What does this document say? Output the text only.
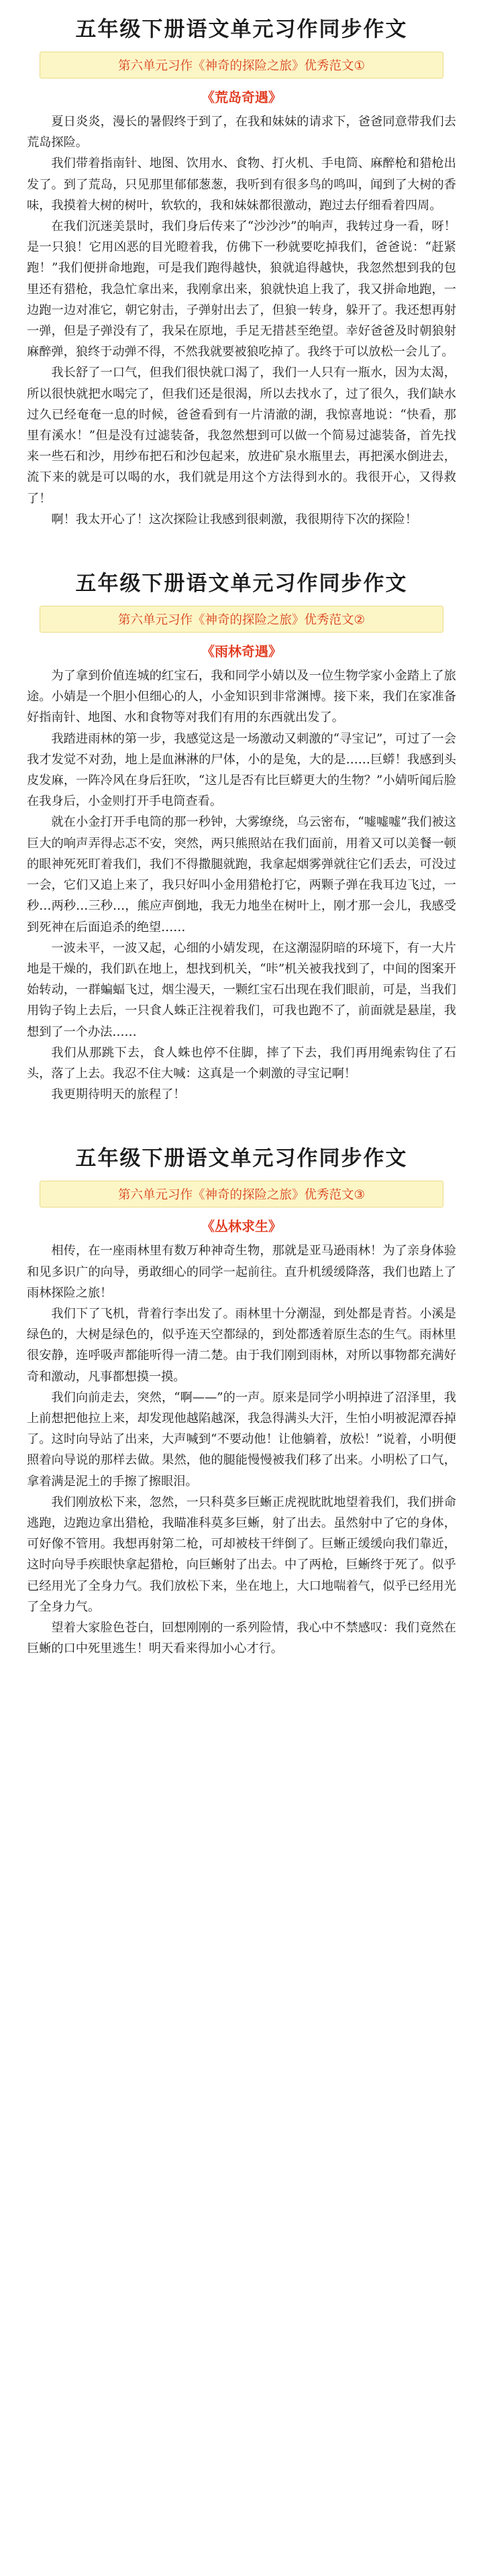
五年级下册语文单元习作同步作文
第六单元习作《神奇的探险之旅》优秀范文①
《荒岛奇遇》

夏日炎炎，漫长的暑假终于到了，在我和妹妹的请求下，爸爸同意带我们去荒岛探险。

我们带着指南针、地图、饮用水、食物、打火机、手电筒、麻醉枪和猎枪出发了。到了荒岛，只见那里郁郁葱葱，我听到有很多鸟的鸣叫，闻到了大树的香味，我摸着大树的树叶，软软的，我和妹妹都很激动，跑过去仔细看着四周。

在我们沉迷美景时，我们身后传来了“沙沙沙”的响声，我转过身一看，呀！是一只狼！它用凶恶的目光瞪着我，仿佛下一秒就要吃掉我们，爸爸说：“赶紧跑！”我们便拼命地跑，可是我们跑得越快，狼就追得越快，我忽然想到我的包里还有猎枪，我急忙拿出来，我刚拿出来，狼就快追上我了，我又拼命地跑，一边跑一边对准它，朝它射击，子弹射出去了，但狼一转身，躲开了。我还想再射一弹，但是子弹没有了，我呆在原地，手足无措甚至绝望。幸好爸爸及时朝狼射麻醉弹，狼终于动弹不得，不然我就要被狼吃掉了。我终于可以放松一会儿了。

我长舒了一口气，但我们很快就口渴了，我们一人只有一瓶水，因为太渴，所以很快就把水喝完了，但我们还是很渴，所以去找水了，过了很久，我们缺水过久已经奄奄一息的时候，爸爸看到有一片清澈的湖，我惊喜地说：“快看，那里有溪水！”但是没有过滤装备，我忽然想到可以做一个简易过滤装备，首先找来一些石和沙，用纱布把石和沙包起来，放进矿泉水瓶里去，再把溪水倒进去，流下来的就是可以喝的水，我们就是用这个方法得到水的。我很开心，又得救了！

啊！我太开心了！这次探险让我感到很刺激，我很期待下次的探险！

五年级下册语文单元习作同步作文
第六单元习作《神奇的探险之旅》优秀范文②
《雨林奇遇》

为了拿到价值连城的红宝石，我和同学小婧以及一位生物学家小金踏上了旅途。小婧是一个胆小但细心的人，小金知识到非常渊博。接下来，我们在家准备好指南针、地图、水和食物等对我们有用的东西就出发了。

我踏进雨林的第一步，我感觉这是一场激动又刺激的“寻宝记”，可过了一会我才发觉不对劲，地上是血淋淋的尸体，小的是兔，大的是……巨蟒！我感到头皮发麻，一阵冷风在身后狂吹，“这儿是否有比巨蟒更大的生物？”小婧听闻后脸在我身后，小金则打开手电筒查看。

就在小金打开手电筒的那一秒钟，大雾缭绕，乌云密布，“嘘嘘嘘”我们被这巨大的响声弄得忐忑不安，突然，两只熊照站在我们面前，用着又可以美餐一顿的眼神死死盯着我们，我们不得撒腿就跑，我拿起烟雾弹就往它们丢去，可没过一会，它们又追上来了，我只好叫小金用猎枪打它，两颗子弹在我耳边飞过，一秒…两秒…三秒…，熊应声倒地，我无力地坐在树叶上，刚才那一会儿，我感受到死神在后面追杀的绝望……

一波未平，一波又起，心细的小婧发现，在这潮湿阴暗的环境下，有一大片地是干燥的，我们趴在地上，想找到机关，“咔”机关被我找到了，中间的图案开始转动，一群蝙蝠飞过，烟尘漫天，一颗红宝石出现在我们眼前，可是，当我们用钩子钩上去后，一只食人蛛正注视着我们，可我也跑不了，前面就是悬崖，我想到了一个办法……

我们从那跳下去，食人蛛也停不住脚，摔了下去，我们再用绳索钩住了石头，落了上去。我忍不住大喊：这真是一个刺激的寻宝记啊！

我更期待明天的旅程了！

五年级下册语文单元习作同步作文
第六单元习作《神奇的探险之旅》优秀范文③
《丛林求生》

相传，在一座雨林里有数万种神奇生物，那就是亚马逊雨林！为了亲身体验和见多识广的向导，勇敢细心的同学一起前往。直升机缓缓降落，我们也踏上了雨林探险之旅！

我们下了飞机，背着行李出发了。雨林里十分潮湿，到处都是青苔。小溪是绿色的，大树是绿色的，似乎连天空都绿的，到处都透着原生态的生气。雨林里很安静，连呼吸声都能听得一清二楚。由于我们刚到雨林，对所以事物都充满好奇和激动，凡事都想摸一摸。

我们向前走去，突然，“啊——”的一声。原来是同学小明掉进了沼泽里，我上前想把他拉上来，却发现他越陷越深，我急得满头大汗，生怕小明被泥潭吞掉了。这时向导站了出来，大声喊到“不要动他！让他躺着，放松！”说着，小明便照着向导说的那样去做。果然，他的腿能慢慢被我们移了出来。小明松了口气，拿着满是泥土的手擦了擦眼泪。

我们刚放松下来，忽然，一只科莫多巨蜥正虎视眈眈地望着我们，我们拼命逃跑，边跑边拿出猎枪，我瞄准科莫多巨蜥，射了出去。虽然射中了它的身体，可好像不管用。我想再射第二枪，可却被枝干绊倒了。巨蜥正缓缓向我们靠近，这时向导手疾眼快拿起猎枪，向巨蜥射了出去。中了两枪，巨蜥终于死了。似乎已经用光了全身力气。我们放松下来，坐在地上，大口地喘着气，似乎已经用光了全身力气。

望着大家脸色苍白，回想刚刚的一系列险情，我心中不禁感叹：我们竟然在巨蜥的口中死里逃生！明天看来得加小心才行。
